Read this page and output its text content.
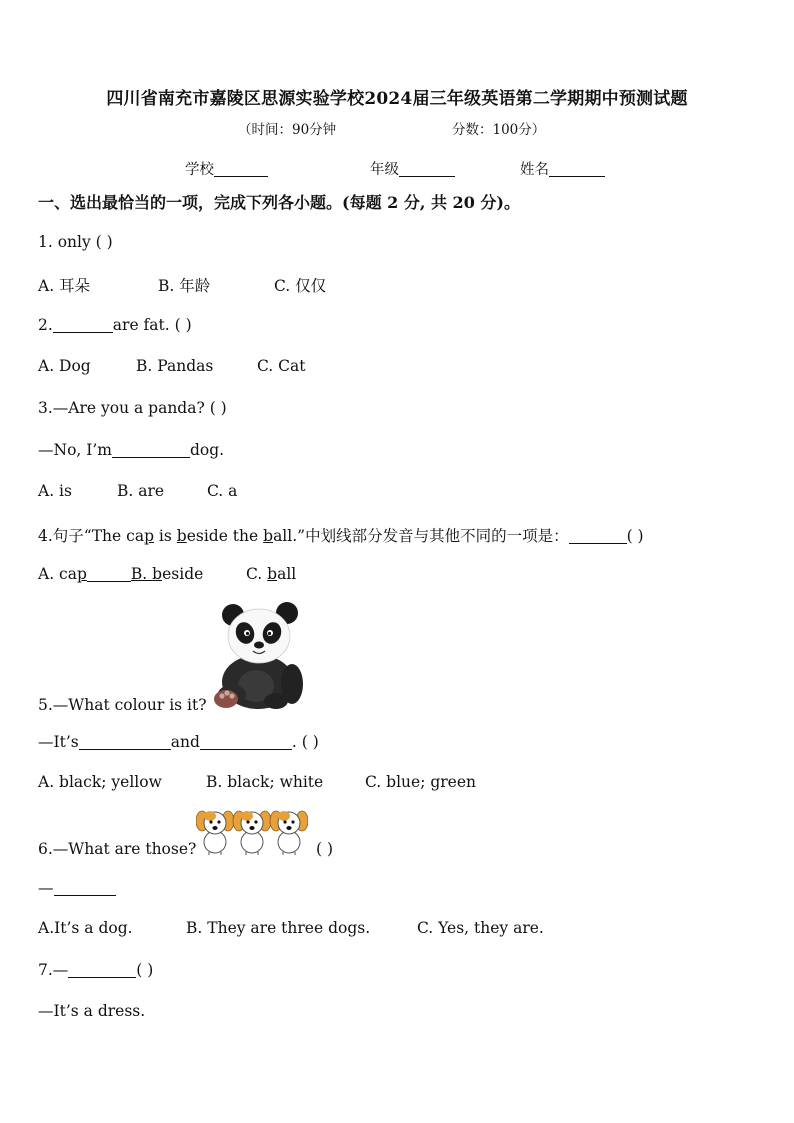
四川省南充市嘉陵区思源实验学校2024届三年级英语第二学期期中预测试题
（时间：90分钟	分数：100分）
学校	年级	姓名
一、选出最恰当的一项，完成下列各小题。(每题 2 分, 共 20 分)。
1. only ( )
A. 耳朵	B. 年龄	C. 仅仅
2.	are fat. ( )
A. Dog	B. Pandas	C. Cat
3.—Are you a panda? ( )
—No, I’m	dog.
A. is	B. are	C. a
4.句子“The cap is beside the ball.”中划线部分发音与其他不同的一项是：	( )
A. cap	B. beside	C. ball
5.—What colour is it?
—It’s	and	. ( )
A. black; yellow	B. black; white	C. blue; green
6.—What are those?	( )
—
A.It’s a dog.	B. They are three dogs.	C. Yes, they are.
7.—	( )
—It’s a dress.
